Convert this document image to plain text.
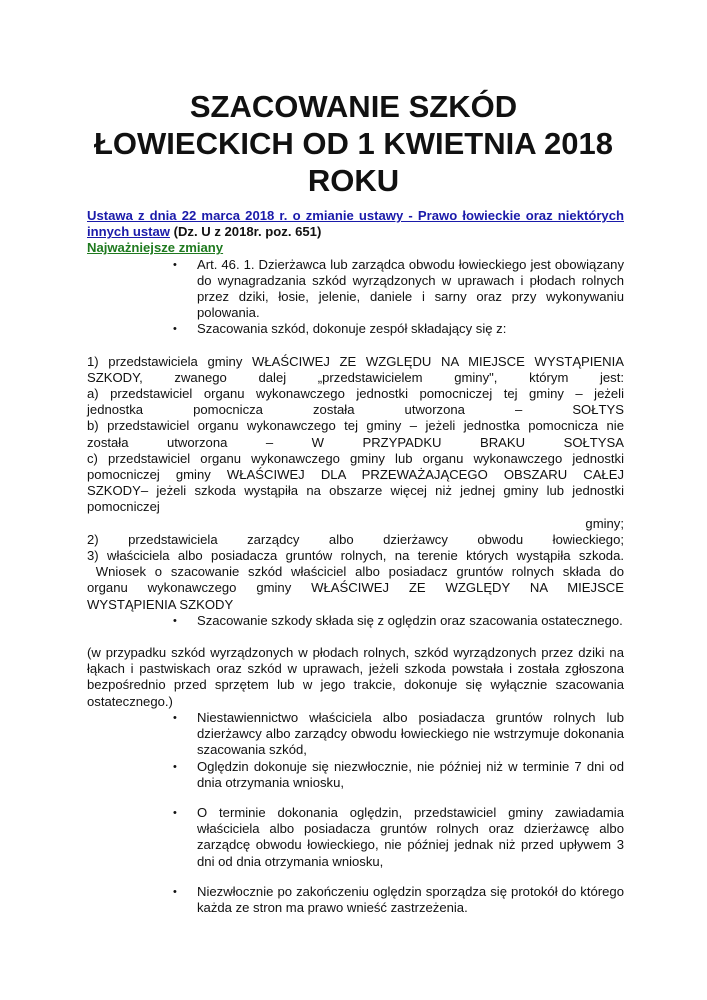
SZACOWANIE SZKÓD
ŁOWIECKICH OD 1 KWIETNIA 2018
ROKU

Ustawa z dnia 22 marca 2018 r. o zmianie ustawy - Prawo łowieckie oraz niektórych innych ustaw (Dz. U z 2018r. poz. 651)

Najważniejsze zmiany

• Art. 46. 1. Dzierżawca lub zarządca obwodu łowieckiego jest obowiązany do wynagradzania szkód wyrządzonych w uprawach i płodach rolnych przez dziki, łosie, jelenie, daniele i sarny oraz przy wykonywaniu polowania.
• Szacowania szkód, dokonuje zespół składający się z:
1) przedstawiciela gminy WŁAŚCIWEJ ZE WZGLĘDU NA MIEJSCE WYSTĄPIENIA
SZKODY, zwanego dalej „przedstawicielem gminy", którym jest:
a) przedstawiciel organu wykonawczego jednostki pomocniczej tej gminy – jeżeli
jednostka pomocnicza została utworzona – SOŁTYS
b) przedstawiciel organu wykonawczego tej gminy – jeżeli jednostka pomocnicza nie
została utworzona – W PRZYPADKU BRAKU SOŁTYSA
c) przedstawiciel organu wykonawczego gminy lub organu wykonawczego jednostki
pomocniczej gminy WŁAŚCIWEJ DLA PRZEWAŻAJĄCEGO OBSZARU CAŁEJ
SZKODY– jeżeli szkoda wystąpiła na obszarze więcej niż jednej gminy lub jednostki
pomocniczej
gminy;
2) przedstawiciela zarządcy albo dzierżawcy obwodu łowieckiego;
3) właściciela albo posiadacza gruntów rolnych, na terenie których wystąpiła szkoda.
Wniosek o szacowanie szkód właściciel albo posiadacz gruntów rolnych składa do
organu wykonawczego gminy WŁAŚCIWEJ ZE WZGLĘDY NA MIEJSCE
WYSTĄPIENIA SZKODY
• Szacowanie szkody składa się z oględzin oraz szacowania ostatecznego.

(w przypadku szkód wyrządzonych w płodach rolnych, szkód wyrządzonych przez dziki na łąkach i pastwiskach oraz szkód w uprawach, jeżeli szkoda powstała i została zgłoszona bezpośrednio przed sprzętem lub w jego trakcie, dokonuje się wyłącznie szacowania ostatecznego.)

• Niestawiennictwo właściciela albo posiadacza gruntów rolnych lub dzierżawcy albo zarządcy obwodu łowieckiego nie wstrzymuje dokonania szacowania szkód,
• Oględzin dokonuje się niezwłocznie, nie później niż w terminie 7 dni od dnia otrzymania wniosku,
• O terminie dokonania oględzin, przedstawiciel gminy zawiadamia właściciela albo posiadacza gruntów rolnych oraz dzierżawcę albo zarządcę obwodu łowieckiego, nie później jednak niż przed upływem 3 dni od dnia otrzymania wniosku,
• Niezwłocznie po zakończeniu oględzin sporządza się protokół do którego każda ze stron ma prawo wnieść zastrzeżenia.
